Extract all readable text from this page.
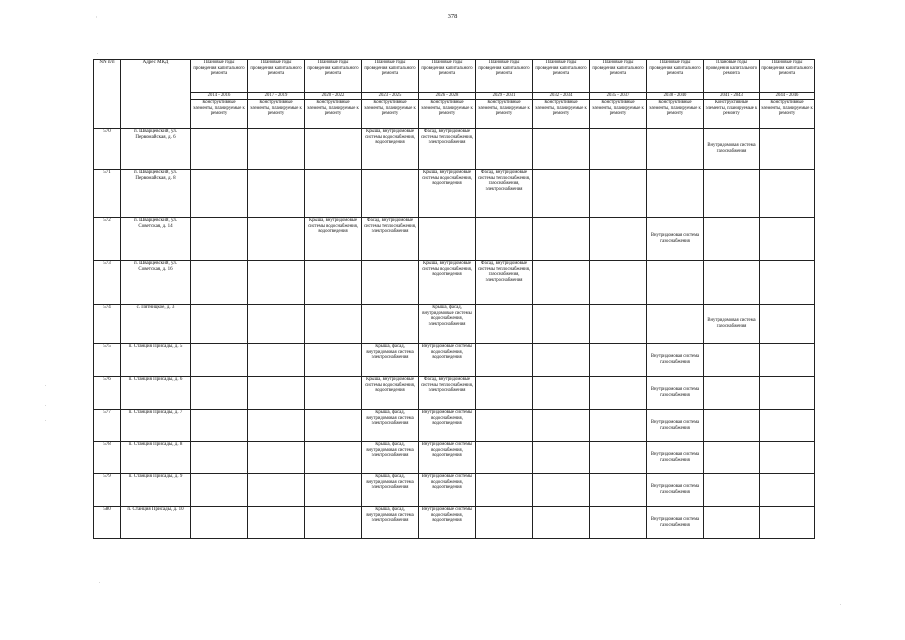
378
'
.
.
.
.
.
.
NN п/п	Адрес МКД	Плановые годы проведения капитального ремонта	Плановые годы проведения капитального ремонта	Плановые годы проведения капитального ремонта	Плановые годы проведения капитального ремонта	Плановые годы проведения капитального ремонта	Плановые годы проведения капитального ремонта	Плановые годы проведения капитального ремонта	Плановые годы проведения капитального ремонта	Плановые годы проведения капитального ремонта	Плановые годы проведения капитального ремонта	Плановые годы проведения капитального ремонта
		2014 - 2016	2017 - 2019	2020 - 2022	2023 - 2025	2026 - 2028	2029 - 2031	2032 - 2034	2035 - 2037	2038 - 2040	2041 - 2043	2044 - 2046
		Конструктивные элементы, планируемые к ремонту	Конструктивные элементы, планируемые к ремонту	Конструктивные элементы, планируемые к ремонту	Конструктивные элементы, планируемые к ремонту	Конструктивные элементы, планируемые к ремонту	Конструктивные элементы, планируемые к ремонту	Конструктивные элементы, планируемые к ремонту	Конструктивные элементы, планируемые к ремонту	Конструктивные элементы, планируемые к ремонту	Конструктивные элементы, планируемые к ремонту	Конструктивные элементы, планируемые к ремонту
570	п. Шварцевский, ул. Первомайская, д. 6				Крыша, внутридомовые системы водоснабжения, водоотведения	Фасад, внутридомовые системы теплоснабжения, электроснабжения					Внутридомовая система газоснабжения	
571	п. Шварцевский, ул. Первомайская, д. 8					Крыша, внутридомовые системы водоснабжения, водоотведения	Фасад, внутридомовые системы теплоснабжения, газоснабжения, электроснабжения					
572	п. Шварцевский, ул. Советская, д. 14			Крыша, внутридомовые системы водоснабжения, водоотведения	Фасад, внутридомовые системы теплоснабжения, электроснабжения					Внутридомовая система газоснабжения		
573	п. Шварцевский, ул. Советская, д. 16					Крыша, внутридомовые системы водоснабжения, водоотведения	Фасад, внутридомовые системы теплоснабжения, газоснабжения, электроснабжения					
574	с. Пятницкое, д. 3					Крыша, фасад, внутридомовые системы водоснабжения, электроснабжения					Внутридомовая система газоснабжения	
575	п. Станция Присады, д. 5				Крыша, фасад, внутридомовая система электроснабжения	Внутридомовые системы водоснабжения, водоотведения				Внутридомовая система газоснабжения		
576	п. Станция Присады, д. 6				Крыша, внутридомовые системы водоснабжения, водоотведения	Фасад, внутридомовые системы теплоснабжения, электроснабжения				Внутридомовая система газоснабжения		
577	п. Станция Присады, д. 7				Крыша, фасад, внутридомовая система электроснабжения	Внутридомовые системы водоснабжения, водоотведения				Внутридомовая система газоснабжения		
578	п. Станция Присады, д. 8				Крыша, фасад, внутридомовая система электроснабжения	Внутридомовые системы водоснабжения, водоотведения				Внутридомовая система газоснабжения		
579	п. Станция Присады, д. 9				Крыша, фасад, внутридомовая система электроснабжения	Внутридомовые системы водоснабжения, водоотведения				Внутридомовая система газоснабжения		
580	п. Станция Присады, д. 10				Крыша, фасад, внутридомовая система электроснабжения	Внутридомовые системы водоснабжения, водоотведения				Внутридомовая система газоснабжения		
